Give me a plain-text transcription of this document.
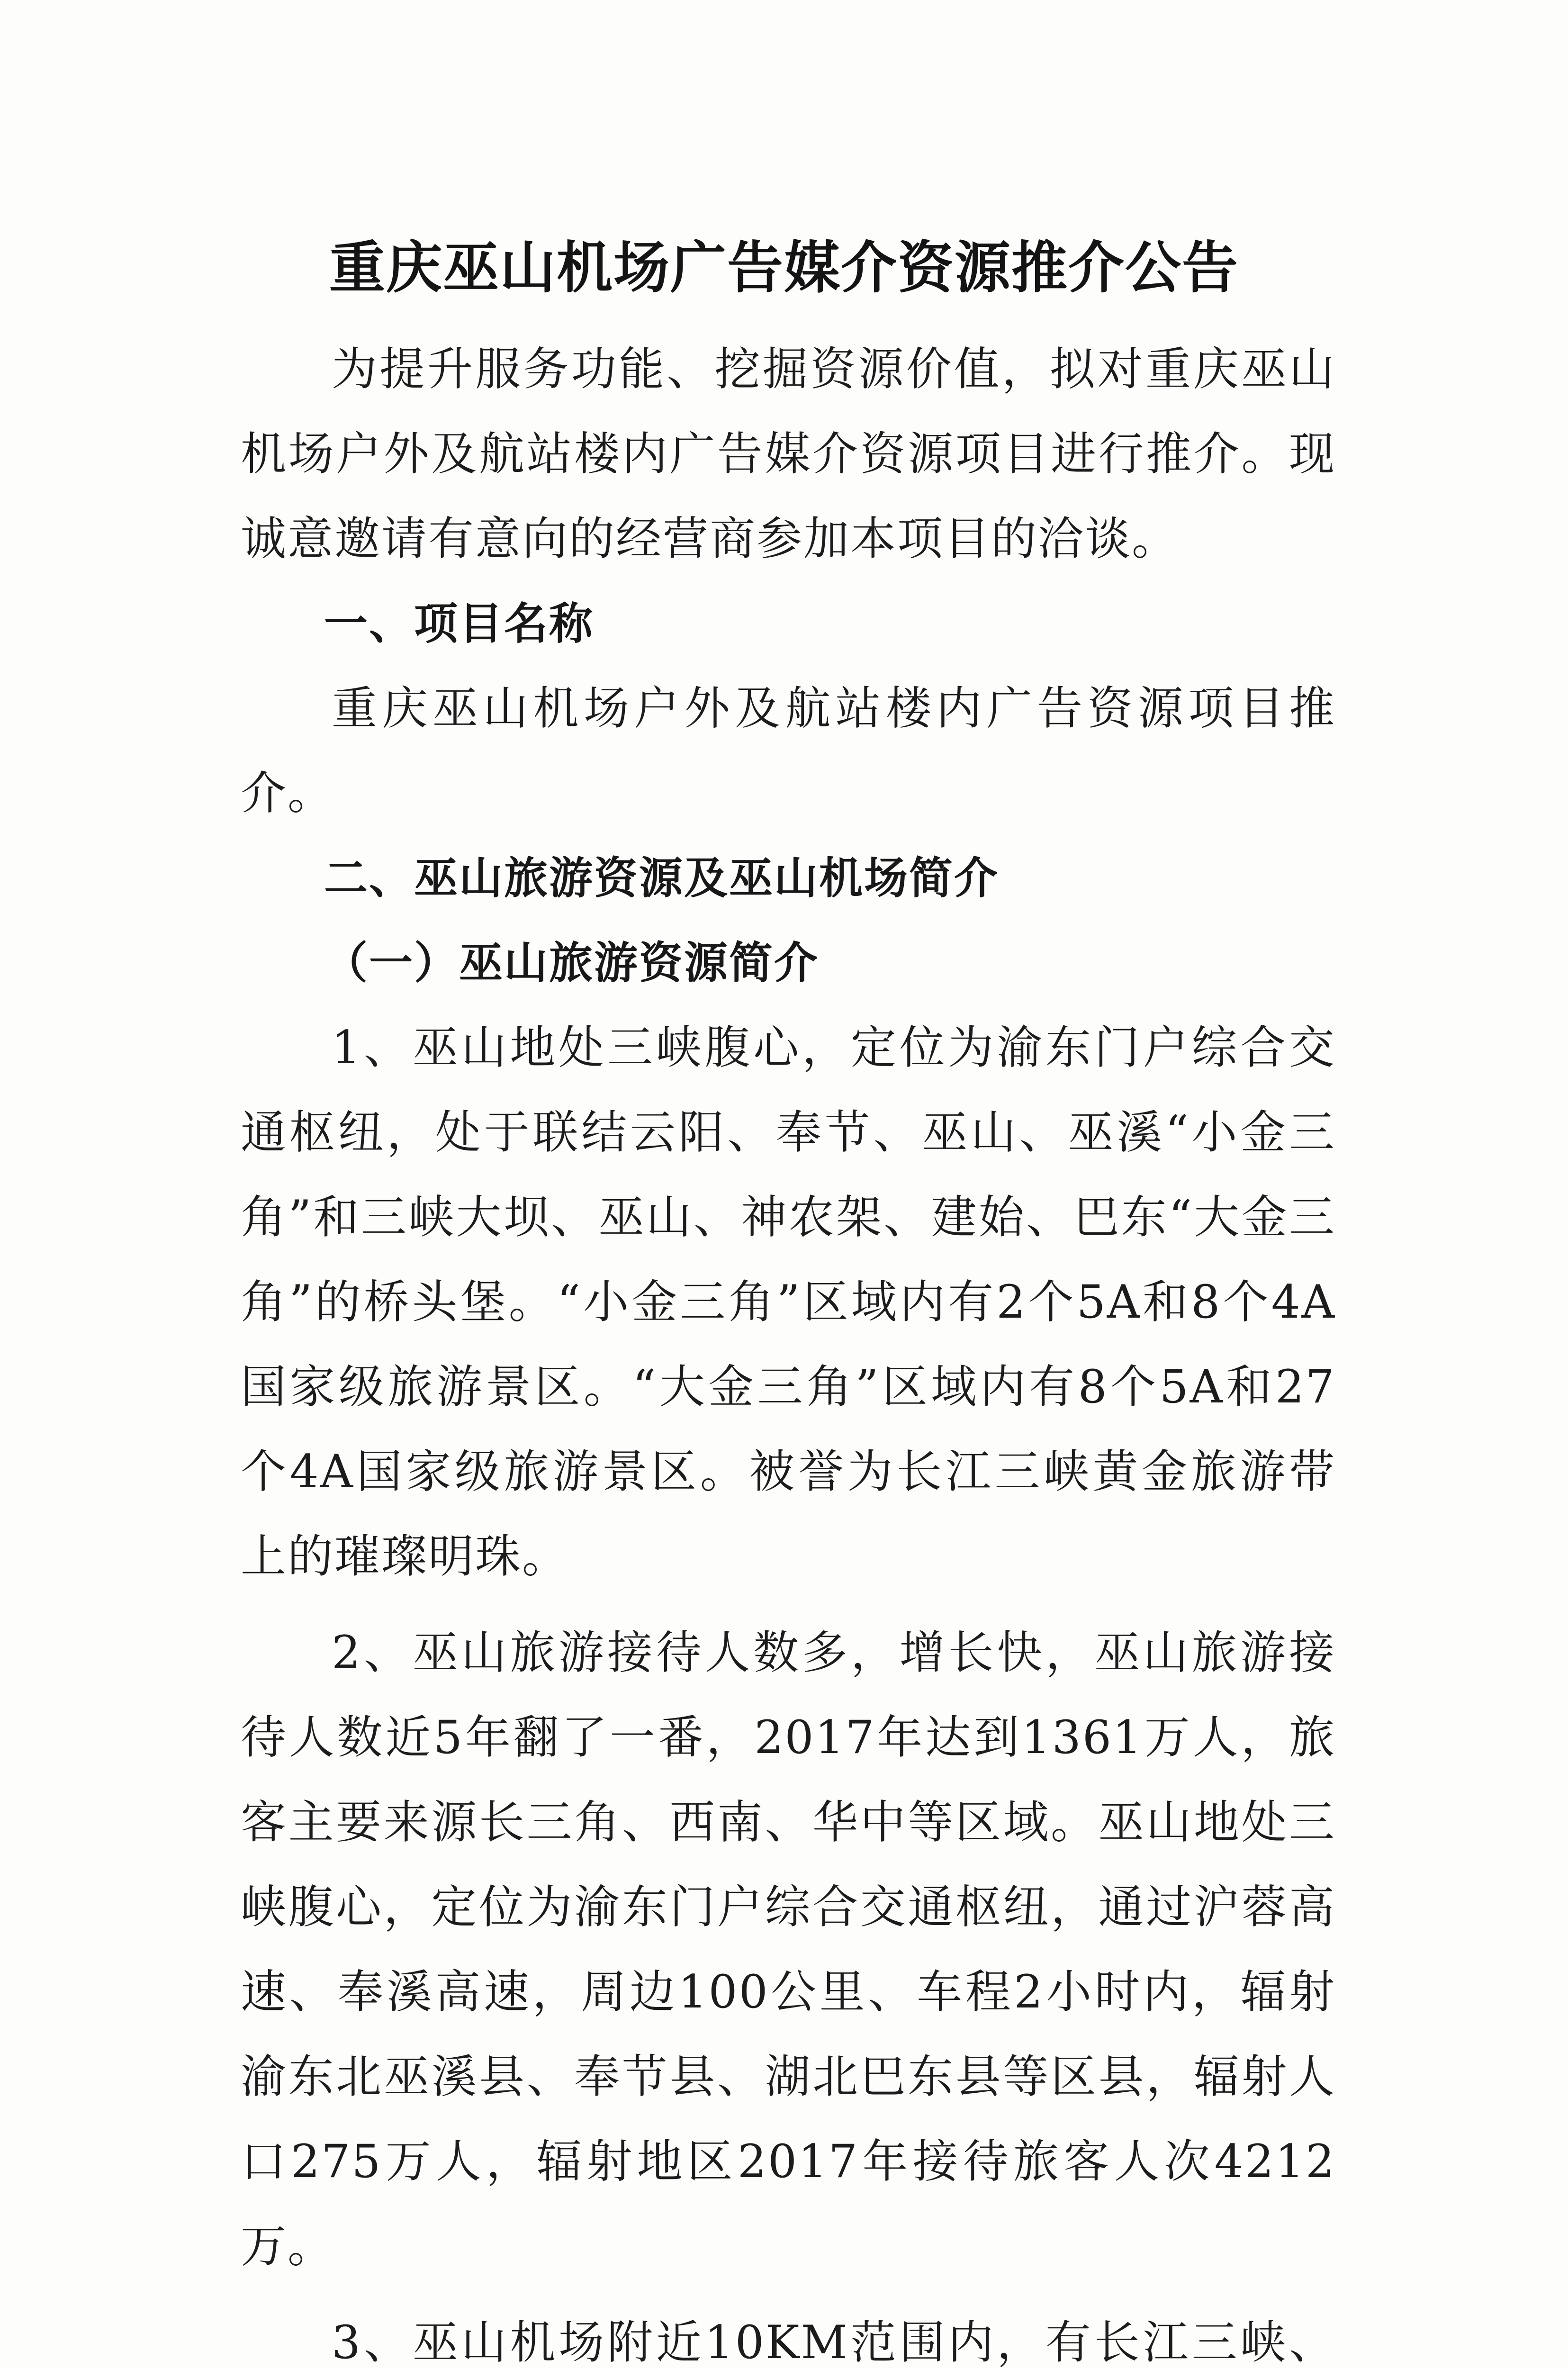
重庆巫山机场广告媒介资源推介公告

为提升服务功能、挖掘资源价值，拟对重庆巫山机场户外及航站楼内广告媒介资源项目进行推介。现诚意邀请有意向的经营商参加本项目的洽谈。

一、项目名称

重庆巫山机场户外及航站楼内广告资源项目推介。

二、巫山旅游资源及巫山机场简介

（一）巫山旅游资源简介

1、巫山地处三峡腹心，定位为渝东门户综合交通枢纽，处于联结云阳、奉节、巫山、巫溪“小金三角”和三峡大坝、巫山、神农架、建始、巴东“大金三角”的桥头堡。“小金三角”区域内有2个5A和8个4A国家级旅游景区。“大金三角”区域内有8个5A和27个4A国家级旅游景区。被誉为长江三峡黄金旅游带上的璀璨明珠。

2、巫山旅游接待人数多，增长快，巫山旅游接待人数近5年翻了一番，2017年达到1361万人，旅客主要来源长三角、西南、华中等区域。巫山地处三峡腹心，定位为渝东门户综合交通枢纽，通过沪蓉高速、奉溪高速，周边100公里、车程2小时内，辐射渝东北巫溪县、奉节县、湖北巴东县等区县，辐射人口275万人，辐射地区2017年接待旅客人次4212万。

3、巫山机场附近10KM范围内，有长江三峡、
